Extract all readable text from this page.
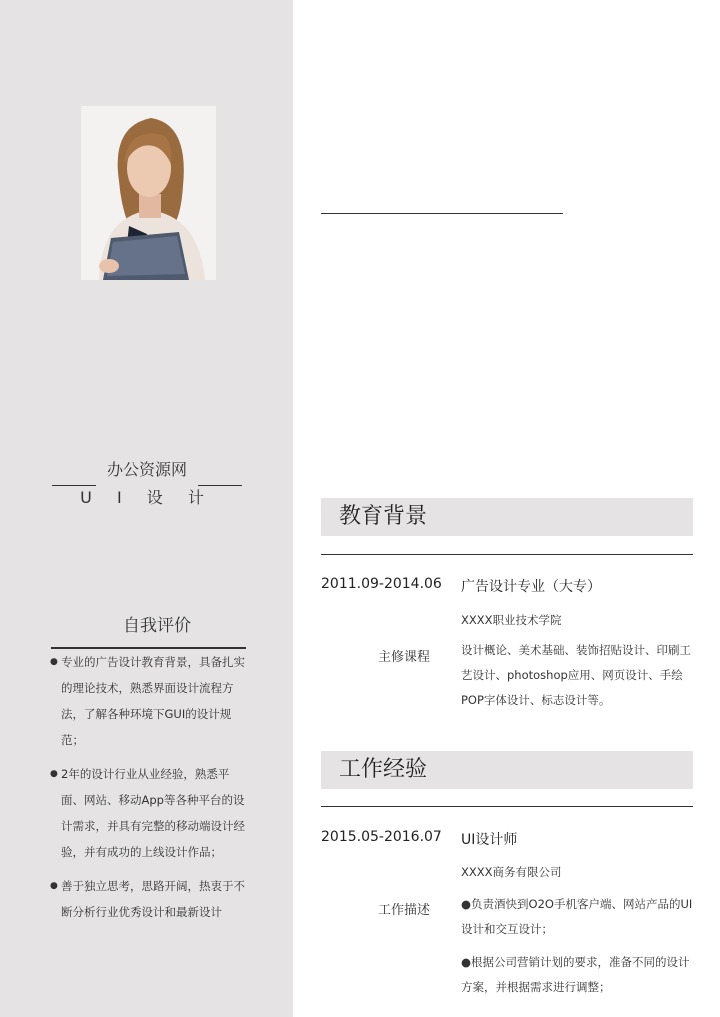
办公资源网
U I 设 计
自我评价
● 专业的广告设计教育背景，具备扎实的理论技术，熟悉界面设计流程方法，了解各种环境下GUI的设计规范；
● 2年的设计行业从业经验，熟悉平面、网站、移动App等各种平台的设计需求，并具有完整的移动端设计经验，并有成功的上线设计作品；
● 善于独立思考，思路开阔，热衷于不断分析行业优秀设计和最新设计
教育背景
2011.09-2014.06 广告设计专业（大专）
XXXX职业技术学院
主修课程	设计概论、美术基础、装饰招贴设计、印刷工艺设计、photoshop应用、网页设计、手绘POP字体设计、标志设计等。
工作经验
2015.05-2016.07 UI设计师
XXXX商务有限公司
工作描述	●负责酒快到O2O手机客户端、网站产品的UI设计和交互设计；
●根据公司营销计划的要求，准备不同的设计方案，并根据需求进行调整；
